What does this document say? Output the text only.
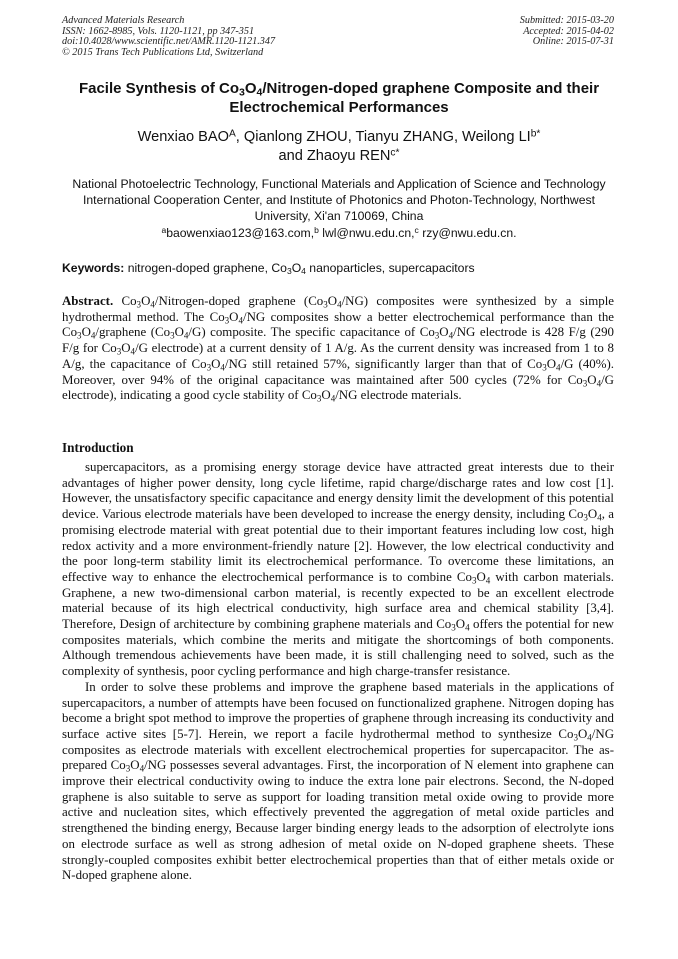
Advanced Materials Research
ISSN: 1662-8985, Vols. 1120-1121, pp 347-351
doi:10.4028/www.scientific.net/AMR.1120-1121.347
© 2015 Trans Tech Publications Ltd, Switzerland
Submitted: 2015-03-20
Accepted: 2015-04-02
Online: 2015-07-31
Facile Synthesis of $Co_3O_4/Nitrogen$-doped graphene Composite and their Electrochemical Performances
Wenxiao $BAO^A$, Qianlong ZHOU, Tianyu ZHANG, Weilong $LI^{b*}$
and Zhaoyu $REN^{c*}$
National Photoelectric Technology, Functional Materials and Application of Science and Technology International Cooperation Center, and Institute of Photonics and Photon-Technology, Northwest University, Xi'an 710069, China
$^a$baowenxiao123@163.com,$^b$ lwl@nwu.edu.cn,$^c$ rzy@nwu.edu.cn.
Keywords: nitrogen-doped graphene, $Co_3O_4$ nanoparticles, supercapacitors
Abstract. $Co_3O_4/Nitrogen$-doped graphene $(Co_3O_4/NG)$ composites were synthesized by a simple hydrothermal method. The $Co_3O_4/NG$ composites show a better electrochemical performance than the $Co_3O_4$/graphene $(Co_3O_4/G)$ composite. The specific capacitance of $Co_3O_4/NG$ electrode is 428 F/g (290 F/g for $Co_3O_4/G$ electrode) at a current density of 1 A/g. As the current density was increased from 1 to 8 A/g, the capacitance of $Co_3O_4/NG$ still retained 57%, significantly larger than that of $Co_3O_4/G$ (40%). Moreover, over 94% of the original capacitance was maintained after 500 cycles (72% for $Co_3O_4/G$ electrode), indicating a good cycle stability of $Co_3O_4/NG$ electrode materials.
Introduction

supercapacitors, as a promising energy storage device have attracted great interests due to their advantages of higher power density, long cycle lifetime, rapid charge/discharge rates and low cost [1]. However, the unsatisfactory specific capacitance and energy density limit the development of this potential device. Various electrode materials have been developed to increase the energy density, including $Co_3O_4$, a promising electrode material with great potential due to their important features including low cost, high redox activity and a more environment-friendly nature [2]. However, the low electrical conductivity and the poor long-term stability limit its electrochemical performance. To overcome these limitations, an effective way to enhance the electrochemical performance is to combine $Co_3O_4$ with carbon materials. Graphene, a new two-dimensional carbon material, is recently expected to be an excellent electrode material because of its high electrical conductivity, high surface area and chemical stability [3,4]. Therefore, Design of architecture by combining graphene materials and $Co_3O_4$ offers the potential for new composites materials, which combine the merits and mitigate the shortcomings of both components. Although tremendous achievements have been made, it is still challenging need to solved, such as the complexity of synthesis, poor cycling performance and high charge-transfer resistance.

In order to solve these problems and improve the graphene based materials in the applications of supercapacitors, a number of attempts have been focused on functionalized graphene. Nitrogen doping has become a bright spot method to improve the properties of graphene through increasing its conductivity and surface active sites [5-7]. Herein, we report a facile hydrothermal method to synthesize $Co_3O_4/NG$ composites as electrode materials with excellent electrochemical properties for supercapacitor. The as-prepared $Co_3O_4/NG$ possesses several advantages. First, the incorporation of N element into graphene can improve their electrical conductivity owing to induce the extra lone pair electrons. Second, the N-doped graphene is also suitable to serve as support for loading transition metal oxide owing to provide more active and nucleation sites, which effectively prevented the aggregation of metal oxide particles and strengthened the binding energy, Because larger binding energy leads to the adsorption of electrolyte ions on electrode surface as well as strong adhesion of metal oxide on N-doped graphene sheets. These strongly-coupled composites exhibit better electrochemical properties than that of either metals oxide or N-doped graphene alone.
